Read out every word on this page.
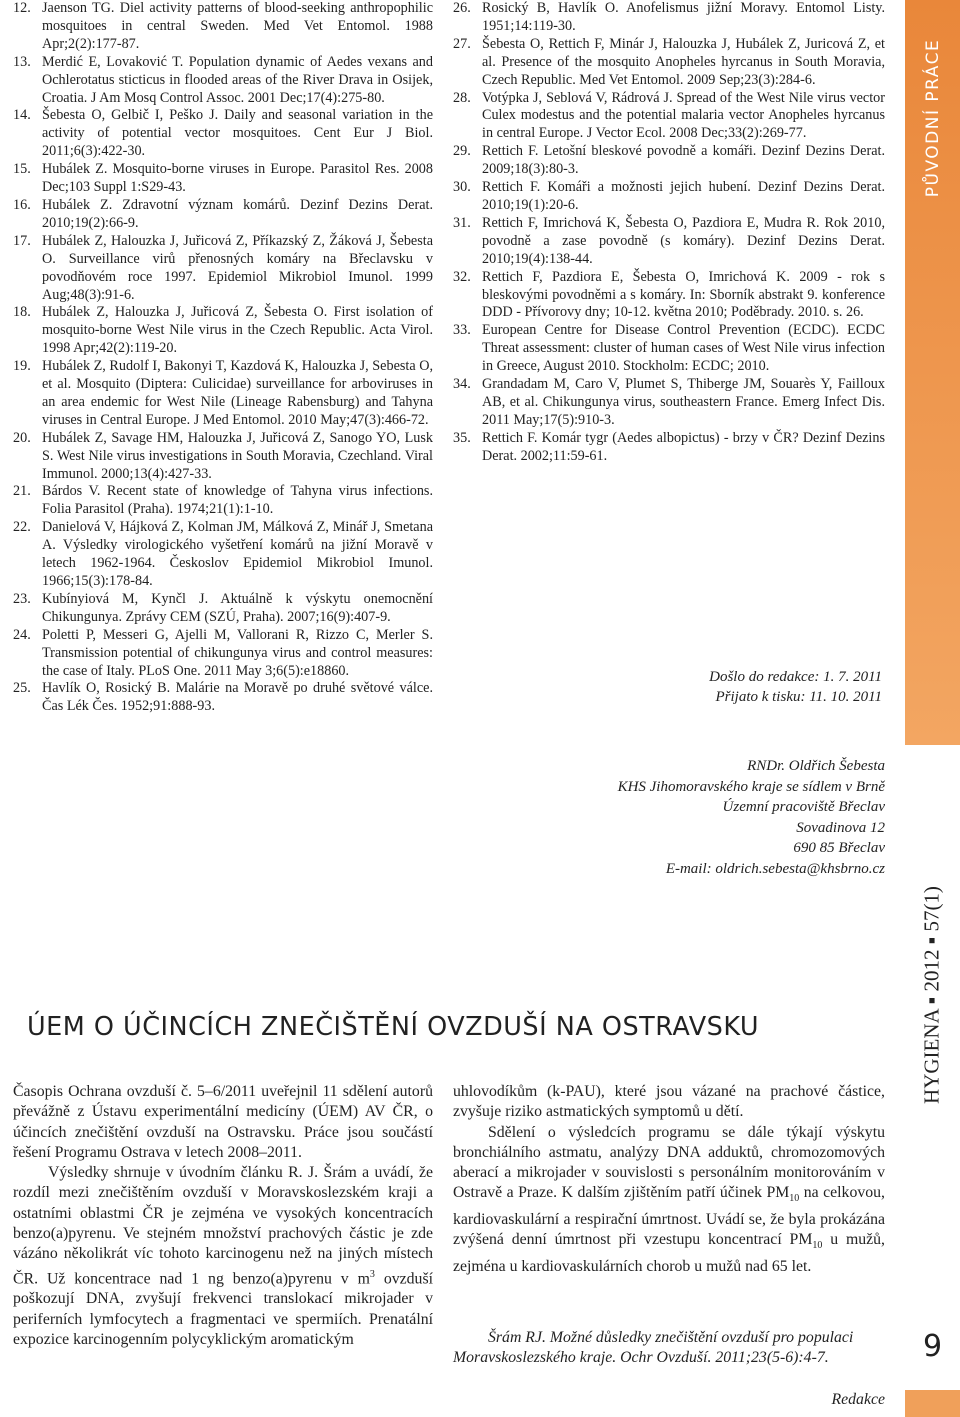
12. Jaenson TG. Diel activity patterns of blood-seeking anthropophilic mosquitoes in central Sweden. Med Vet Entomol. 1988 Apr;2(2):177-87.
13. Merdić E, Lovaković T. Population dynamic of Aedes vexans and Ochlerotatus sticticus in flooded areas of the River Drava in Osijek, Croatia. J Am Mosq Control Assoc. 2001 Dec;17(4):275-80.
14. Šebesta O, Gelbič I, Peško J. Daily and seasonal variation in the activity of potential vector mosquitoes. Cent Eur J Biol. 2011;6(3):422-30.
15. Hubálek Z. Mosquito-borne viruses in Europe. Parasitol Res. 2008 Dec;103 Suppl 1:S29-43.
16. Hubálek Z. Zdravotní význam komárů. Dezinf Dezins Derat. 2010;19(2):66-9.
17. Hubálek Z, Halouzka J, Juřicová Z, Příkazský Z, Žáková J, Šebesta O. Surveillance virů přenosných komáry na Břeclavsku v povodňovém roce 1997. Epidemiol Mikrobiol Imunol. 1999 Aug;48(3):91-6.
18. Hubálek Z, Halouzka J, Juřicová Z, Šebesta O. First isolation of mosquito-borne West Nile virus in the Czech Republic. Acta Virol. 1998 Apr;42(2):119-20.
19. Hubálek Z, Rudolf I, Bakonyi T, Kazdová K, Halouzka J, Sebesta O, et al. Mosquito (Diptera: Culicidae) surveillance for arboviruses in an area endemic for West Nile (Lineage Rabensburg) and Tahyna viruses in Central Europe. J Med Entomol. 2010 May;47(3):466-72.
20. Hubálek Z, Savage HM, Halouzka J, Juřicová Z, Sanogo YO, Lusk S. West Nile virus investigations in South Moravia, Czechland. Viral Immunol. 2000;13(4):427-33.
21. Bárdos V. Recent state of knowledge of Tahyna virus infections. Folia Parasitol (Praha). 1974;21(1):1-10.
22. Danielová V, Hájková Z, Kolman JM, Málková Z, Minář J, Smetana A. Výsledky virologického vyšetření komárů na jižní Moravě v letech 1962-1964. Českoslov Epidemiol Mikrobiol Imunol. 1966;15(3):178-84.
23. Kubínyiová M, Kynčl J. Aktuálně k výskytu onemocnění Chikungunya. Zprávy CEM (SZÚ, Praha). 2007;16(9):407-9.
24. Poletti P, Messeri G, Ajelli M, Vallorani R, Rizzo C, Merler S. Transmission potential of chikungunya virus and control measures: the case of Italy. PLoS One. 2011 May 3;6(5):e18860.
25. Havlík O, Rosický B. Malárie na Moravě po druhé světové válce. Čas Lék Čes. 1952;91:888-93.
26. Rosický B, Havlík O. Anofelismus jižní Moravy. Entomol Listy. 1951;14:119-30.
27. Šebesta O, Rettich F, Minár J, Halouzka J, Hubálek Z, Juricová Z, et al. Presence of the mosquito Anopheles hyrcanus in South Moravia, Czech Republic. Med Vet Entomol. 2009 Sep;23(3):284-6.
28. Votýpka J, Seblová V, Rádrová J. Spread of the West Nile virus vector Culex modestus and the potential malaria vector Anopheles hyrcanus in central Europe. J Vector Ecol. 2008 Dec;33(2):269-77.
29. Rettich F. Letošní bleskové povodně a komáři. Dezinf Dezins Derat. 2009;18(3):80-3.
30. Rettich F. Komáři a možnosti jejich hubení. Dezinf Dezins Derat. 2010;19(1):20-6.
31. Rettich F, Imrichová K, Šebesta O, Pazdiora E, Mudra R. Rok 2010, povodně a zase povodně (s komáry). Dezinf Dezins Derat. 2010;19(4):138-44.
32. Rettich F, Pazdiora E, Šebesta O, Imrichová K. 2009 - rok s bleskovými povodněmi a s komáry. In: Sborník abstrakt 9. konference DDD - Přívorovy dny; 10-12. května 2010; Poděbrady. 2010. s. 26.
33. European Centre for Disease Control Prevention (ECDC). ECDC Threat assessment: cluster of human cases of West Nile virus infection in Greece, August 2010. Stockholm: ECDC; 2010.
34. Grandadam M, Caro V, Plumet S, Thiberge JM, Souarès Y, Failloux AB, et al. Chikungunya virus, southeastern France. Emerg Infect Dis. 2011 May;17(5):910-3.
35. Rettich F. Komár tygr (Aedes albopictus) - brzy v ČR? Dezinf Dezins Derat. 2002;11:59-61.
Došlo do redakce: 1. 7. 2011
Přijato k tisku: 11. 10. 2011
RNDr. Oldřich Šebesta
KHS Jihomoravského kraje se sídlem v Brně
Územní pracoviště Břeclav
Sovadinova 12
690 85 Břeclav
E-mail: oldrich.sebesta@khsbrno.cz
PŮVODNÍ PRÁCE
HYGIENA ▪ 2012 ▪ 57(1)
9
ÚEM O ÚČINCÍCH ZNEČIŠTĚNÍ OVZDUŠÍ NA OSTRAVSKU

Časopis Ochrana ovzduší č. 5–6/2011 uveřejnil 11 sdělení autorů převážně z Ústavu experimentální medicíny (ÚEM) AV ČR, o účincích znečištění ovzduší na Ostravsku. Práce jsou součástí řešení Programu Ostrava v letech 2008–2011.

Výsledky shrnuje v úvodním článku R. J. Šrám a uvádí, že rozdíl mezi znečištěním ovzduší v Moravskoslezském kraji a ostatními oblastmi ČR je zejména ve vysokých koncentracích benzo(a)pyrenu. Ve stejném množství prachových částic je zde vázáno několikrát víc tohoto karcinogenu než na jiných místech ČR. Už koncentrace nad 1 ng benzo(a)pyrenu v $m^3$ ovzduší poškozují DNA, zvyšují frekvenci translokací mikrojader v periferních lymfocytech a fragmentaci ve spermiích. Prenatální expozice karcinogenním polycyklickým aromatickým

uhlovodíkům (k-PAU), které jsou vázané na prachové částice, zvyšuje riziko astmatických symptomů u dětí.

Sdělení o výsledcích programu se dále týkají výskytu bronchiálního astmatu, analýzy DNA adduktů, chromozomových aberací a mikrojader v souvislosti s personálním monitorováním v Ostravě a Praze. K dalším zjištěním patří účinek $PM_{10}$ na celkovou, kardiovaskulární a respirační úmrtnost. Uvádí se, že byla prokázána zvýšená denní úmrtnost při vzestupu koncentrací $PM_{10}$ u mužů, zejména u kardiovaskulárních chorob u mužů nad 65 let.

Šrám RJ. Možné důsledky znečištění ovzduší pro populaci
Moravskoslezského kraje. Ochr Ovzduší. 2011;23(5-6):4-7.
Redakce
